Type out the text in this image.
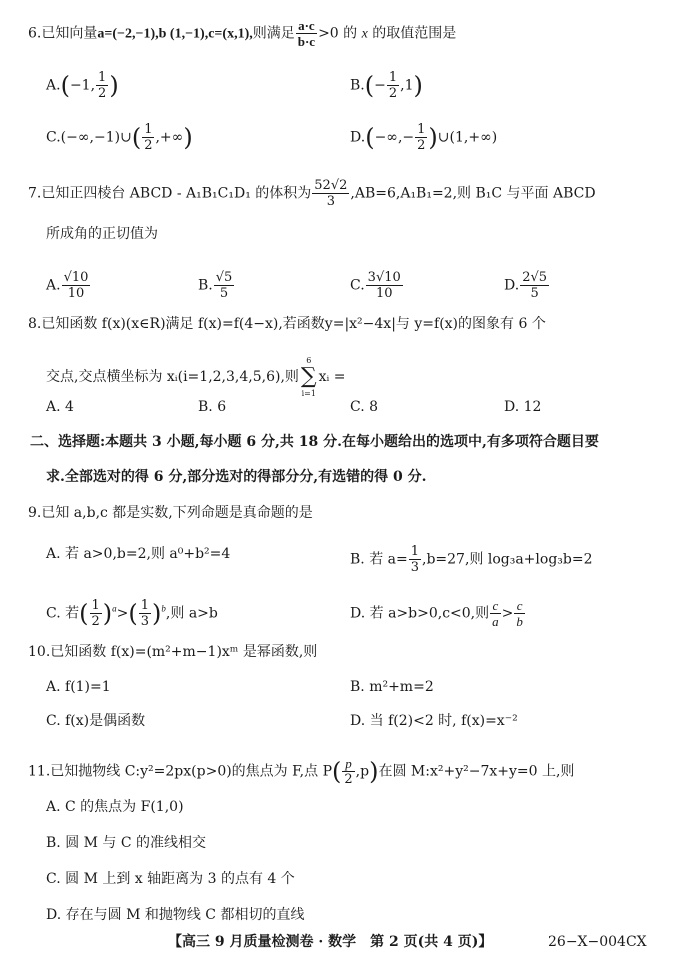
6.已知向量a=(−2,−1),b (1,−1),c=(x,1),则满足 $\frac{a\cdot c}{b\cdot c} >0$ 的 x 的取值范围是
A.(−1, $\frac{1}{2}$ )	$B.(- \frac{1}{2} ,1)$
C.(−∞,−1)∪( $\frac{1}{2}$ ,+∞)	$D.(-\infty,- \frac{1}{2}$ )∪(1,+∞)
7.已知正四棱台 ABCD - A₁B₁C₁D₁ 的体积为 $\frac{52√2}{3} ,AB=6,A_1B_1=2$,则 B₁C 与平面 ABCD
所成角的正切值为
A. $\frac{√10}{10}$	B. $\frac{√5}{5}$	C. $\frac{3√10}{10}$	D. $\frac{2√5}{5}$
8.已知函数 f(x)(x∈R)满足 f(x)=f(4−x),若函数y=|x²−4x|与 y=f(x)的图象有 6 个
交点,交点横坐标为 xᵢ(i=1,2,3,4,5,6),则
6
∑
i=1
xᵢ =
A. 4	B. 6	C. 8	D. 12
二、选择题:本题共 3 小题,每小题 6 分,共 18 分.在每小题给出的选项中,有多项符合题目要
求.全部选对的得 6 分,部分选对的得部分分,有选错的得 0 分.
9.已知 a,b,c 都是实数,下列命题是真命题的是
A. 若 a>0,b=2,则 a⁰+b²=4	B. 若 $a= \frac{1}{3} ,b=27$,则 log₃a+log₃b=2
C. 若( $\frac{1}{2} )^a>( \frac{1}{3} )^b$,则 a>b	D. 若 a>b>0,c<0,则 $\frac{c}{a} > \frac{c}{b}$
10.已知函数 f(x)=(m²+m−1)xᵐ 是幂函数,则
A. f(1)=1	B. m²+m=2
C. f(x)是偶函数	D. 当 f(2)<2 时, f(x)=x⁻²
11.已知抛物线 C:y²=2px(p>0)的焦点为 F,点 $P( \frac{p}{2} ,p)$在圆 M:x²+y²−7x+y=0 上,则
A. C 的焦点为 F(1,0)
B. 圆 M 与 C 的准线相交
C. 圆 M 上到 x 轴距离为 3 的点有 4 个
D. 存在与圆 M 和抛物线 C 都相切的直线
【高三 9 月质量检测卷 · 数学　第 2 页(共 4 页)】	26−X−004CX
